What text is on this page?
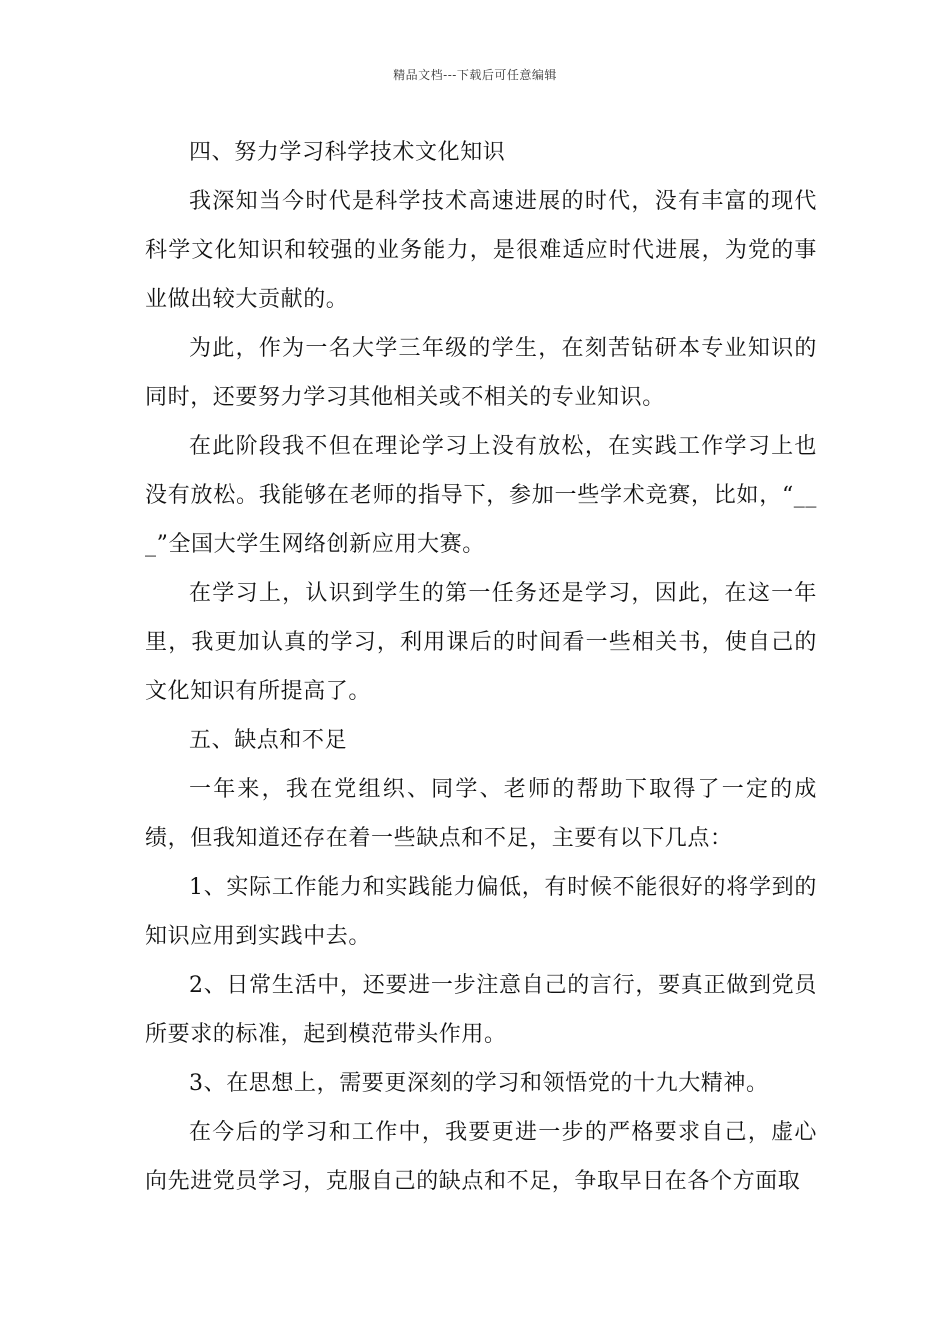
精品文档---下载后可任意编辑

四、努力学习科学技术文化知识

我深知当今时代是科学技术高速进展的时代，没有丰富的现代科学文化知识和较强的业务能力，是很难适应时代进展，为党的事业做出较大贡献的。

为此，作为一名大学三年级的学生，在刻苦钻研本专业知识的同时，还要努力学习其他相关或不相关的专业知识。

在此阶段我不但在理论学习上没有放松，在实践工作学习上也没有放松。我能够在老师的指导下，参加一些学术竞赛，比如，“___”全国大学生网络创新应用大赛。

在学习上，认识到学生的第一任务还是学习，因此，在这一年里，我更加认真的学习，利用课后的时间看一些相关书，使自己的文化知识有所提高了。

五、缺点和不足

一年来，我在党组织、同学、老师的帮助下取得了一定的成绩，但我知道还存在着一些缺点和不足，主要有以下几点：

1、实际工作能力和实践能力偏低，有时候不能很好的将学到的知识应用到实践中去。

2、日常生活中，还要进一步注意自己的言行，要真正做到党员所要求的标准，起到模范带头作用。

3、在思想上，需要更深刻的学习和领悟党的十九大精神。

在今后的学习和工作中，我要更进一步的严格要求自己，虚心向先进党员学习，克服自己的缺点和不足，争取早日在各个方面取
